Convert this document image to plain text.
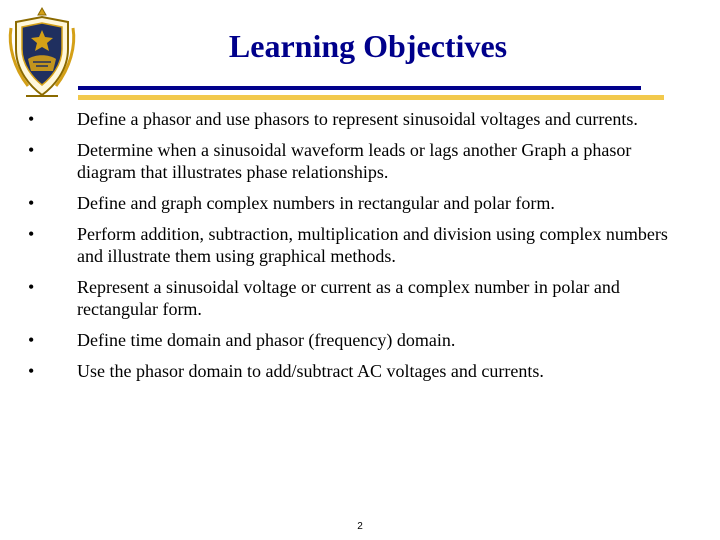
Learning Objectives
• Define a phasor and use phasors to represent sinusoidal voltages and currents.
• Determine when a sinusoidal waveform leads or lags another Graph a phasor diagram that illustrates phase relationships.
• Define and graph complex numbers in rectangular and polar form.
• Perform addition, subtraction, multiplication and division using complex numbers and illustrate them using graphical methods.
• Represent a sinusoidal voltage or current as a complex number in polar and rectangular form.
• Define time domain and phasor (frequency) domain.
• Use the phasor domain to add/subtract AC voltages and currents.
2
